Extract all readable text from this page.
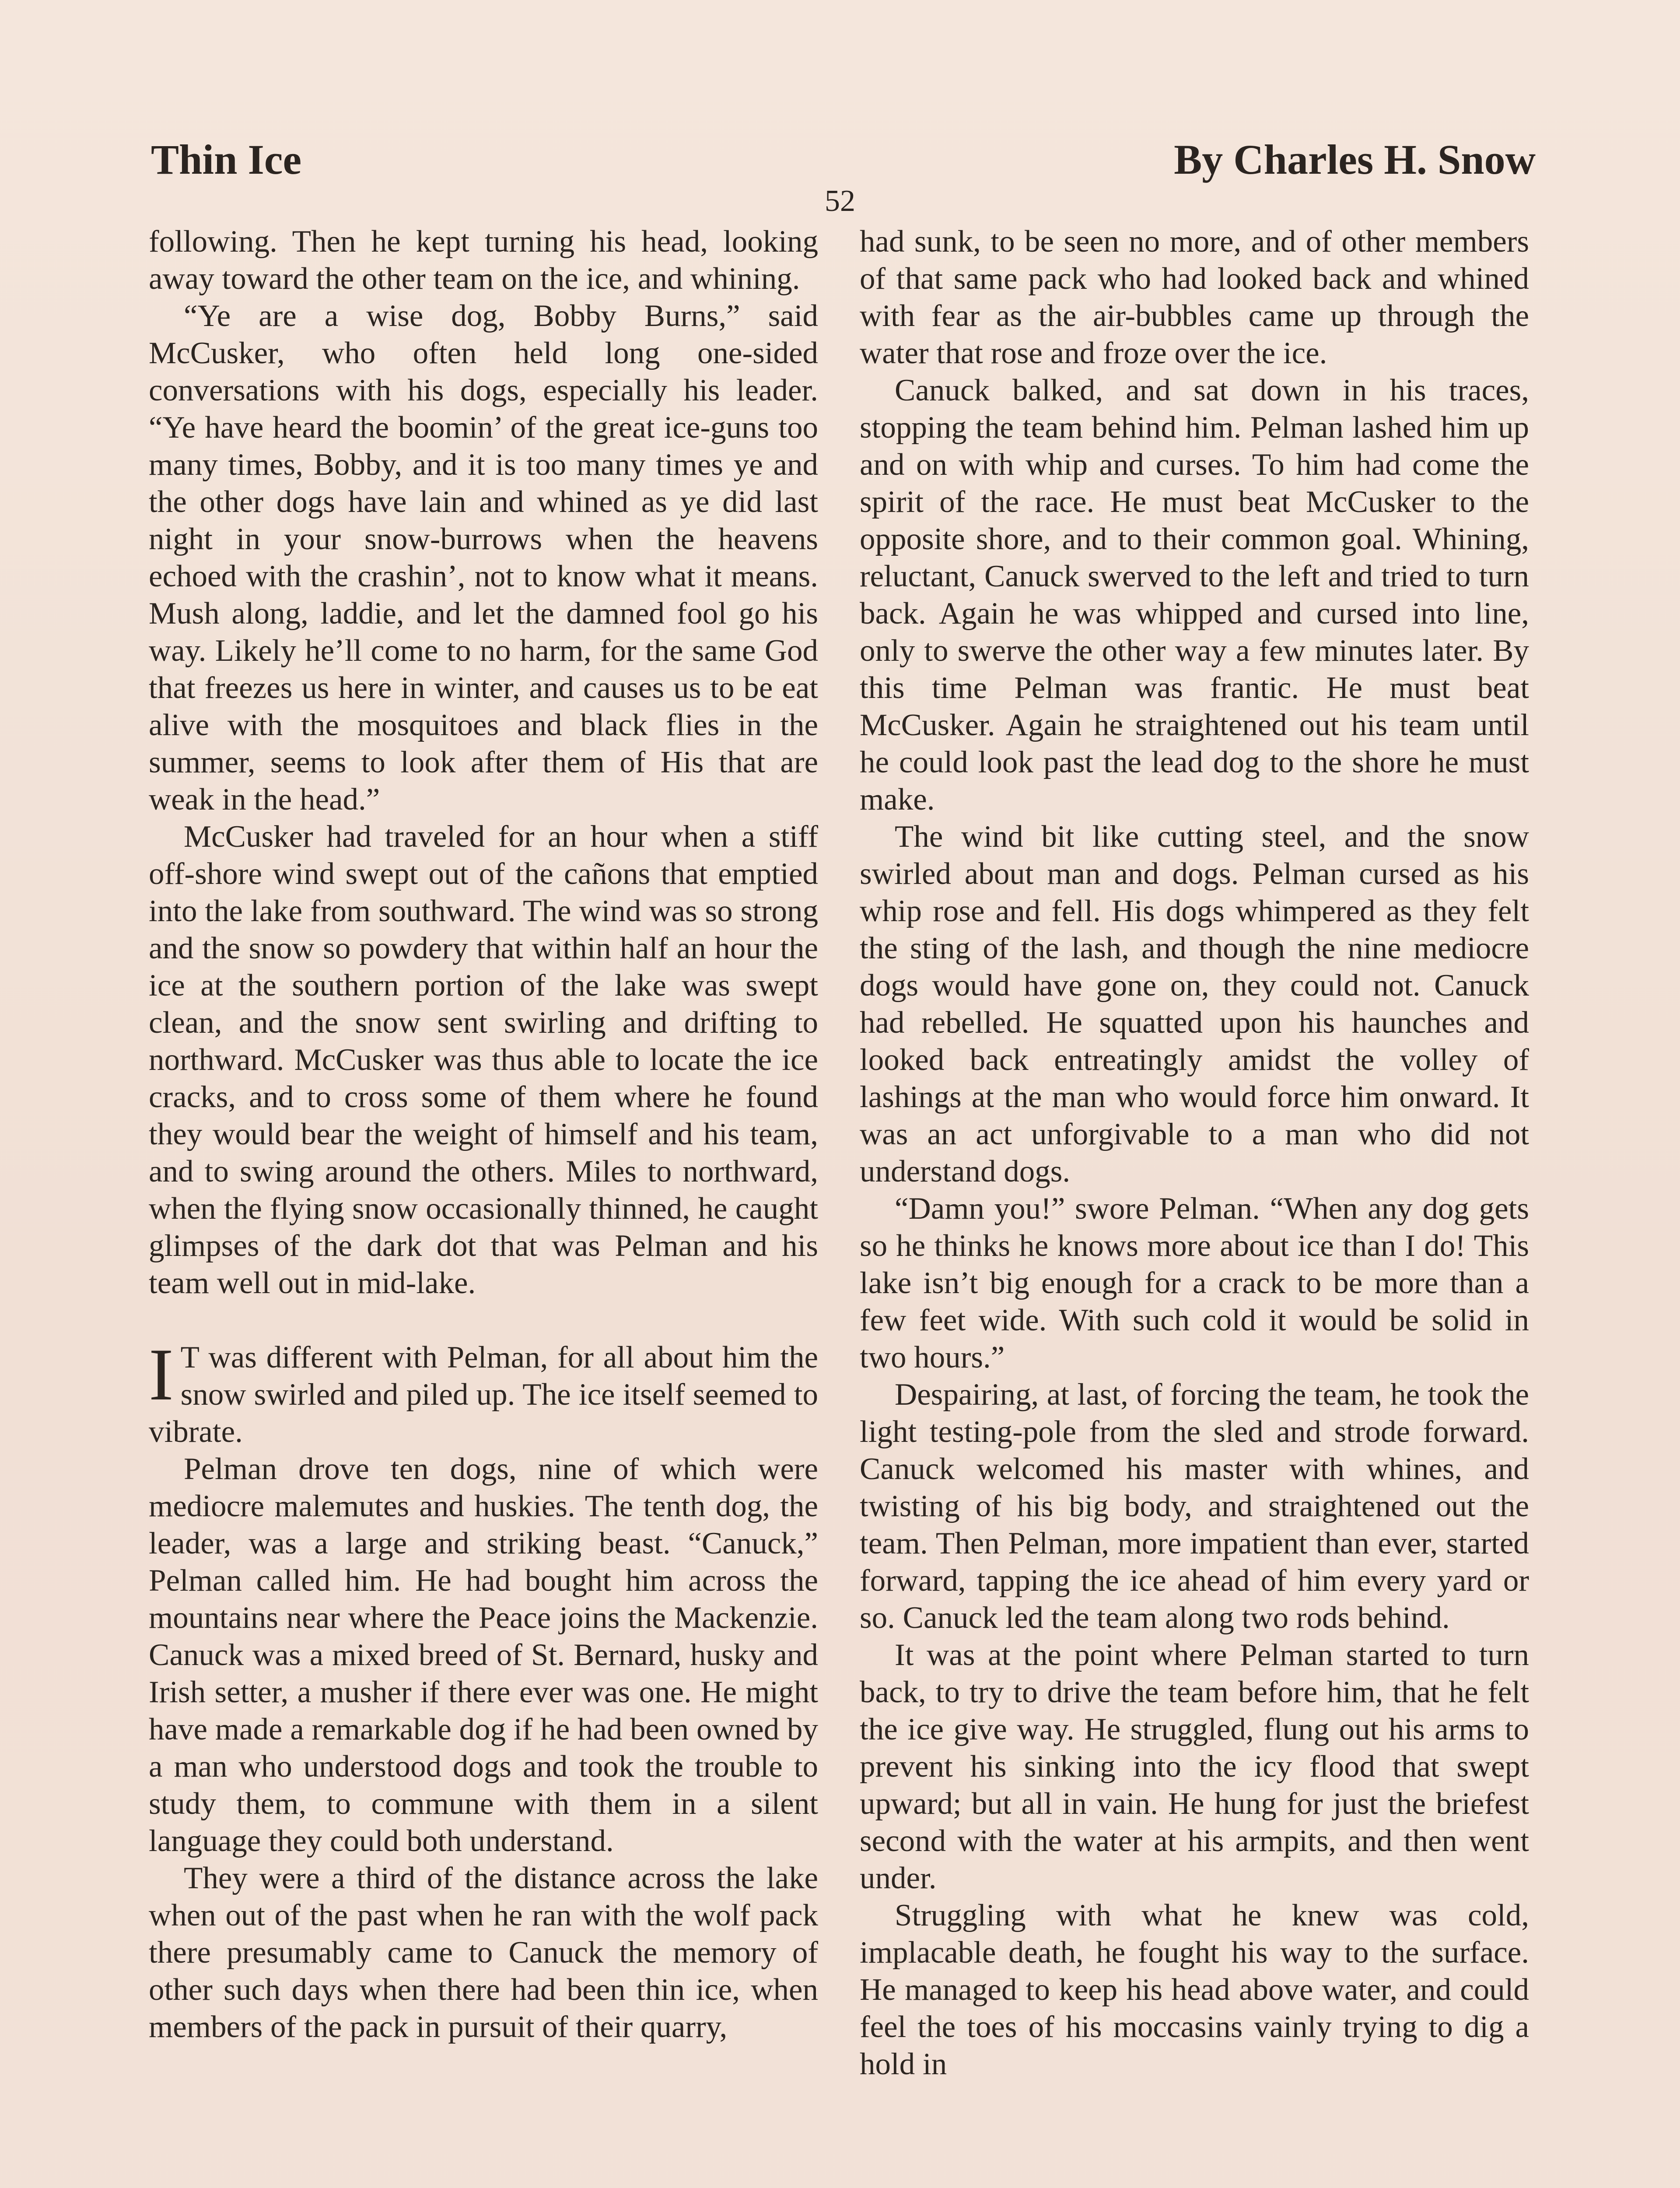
Thin Ice	By Charles H. Snow
52

following. Then he kept turning his head, looking away toward the other team on the ice, and whining.

“Ye are a wise dog, Bobby Burns,” said McCusker, who often held long one-sided conversations with his dogs, especially his leader. “Ye have heard the boomin’ of the great ice-guns too many times, Bobby, and it is too many times ye and the other dogs have lain and whined as ye did last night in your snow-burrows when the heavens echoed with the crashin’, not to know what it means. Mush along, laddie, and let the damned fool go his way. Likely he’ll come to no harm, for the same God that freezes us here in winter, and causes us to be eat alive with the mosquitoes and black flies in the summer, seems to look after them of His that are weak in the head.”

McCusker had traveled for an hour when a stiff off-shore wind swept out of the cañons that emptied into the lake from southward. The wind was so strong and the snow so powdery that within half an hour the ice at the southern portion of the lake was swept clean, and the snow sent swirling and drifting to northward. McCusker was thus able to locate the ice cracks, and to cross some of them where he found they would bear the weight of himself and his team, and to swing around the others. Miles to northward, when the flying snow occasionally thinned, he caught glimpses of the dark dot that was Pelman and his team well out in mid-lake.

I T was different with Pelman, for all about him the snow swirled and piled up. The ice itself seemed to vibrate.

Pelman drove ten dogs, nine of which were mediocre malemutes and huskies. The tenth dog, the leader, was a large and striking beast. “Canuck,” Pelman called him. He had bought him across the mountains near where the Peace joins the Mackenzie. Canuck was a mixed breed of St. Bernard, husky and Irish setter, a musher if there ever was one. He might have made a remarkable dog if he had been owned by a man who understood dogs and took the trouble to study them, to commune with them in a silent language they could both understand.

They were a third of the distance across the lake when out of the past when he ran with the wolf pack there presumably came to Canuck the memory of other such days when there had been thin ice, when members of the pack in pursuit of their quarry,

had sunk, to be seen no more, and of other members of that same pack who had looked back and whined with fear as the air-bubbles came up through the water that rose and froze over the ice.

Canuck balked, and sat down in his traces, stopping the team behind him. Pelman lashed him up and on with whip and curses. To him had come the spirit of the race. He must beat McCusker to the opposite shore, and to their common goal. Whining, reluctant, Canuck swerved to the left and tried to turn back. Again he was whipped and cursed into line, only to swerve the other way a few minutes later. By this time Pelman was frantic. He must beat McCusker. Again he straightened out his team until he could look past the lead dog to the shore he must make.

The wind bit like cutting steel, and the snow swirled about man and dogs. Pelman cursed as his whip rose and fell. His dogs whimpered as they felt the sting of the lash, and though the nine mediocre dogs would have gone on, they could not. Canuck had rebelled. He squatted upon his haunches and looked back entreatingly amidst the volley of lashings at the man who would force him onward. It was an act unforgivable to a man who did not understand dogs.

“Damn you!” swore Pelman. “When any dog gets so he thinks he knows more about ice than I do! This lake isn’t big enough for a crack to be more than a few feet wide. With such cold it would be solid in two hours.”

Despairing, at last, of forcing the team, he took the light testing-pole from the sled and strode forward. Canuck welcomed his master with whines, and twisting of his big body, and straightened out the team. Then Pelman, more impatient than ever, started forward, tapping the ice ahead of him every yard or so. Canuck led the team along two rods behind.

It was at the point where Pelman started to turn back, to try to drive the team before him, that he felt the ice give way. He struggled, flung out his arms to prevent his sinking into the icy flood that swept upward; but all in vain. He hung for just the briefest second with the water at his armpits, and then went under.

Struggling with what he knew was cold, implacable death, he fought his way to the surface. He managed to keep his head above water, and could feel the toes of his moccasins vainly trying to dig a hold in
